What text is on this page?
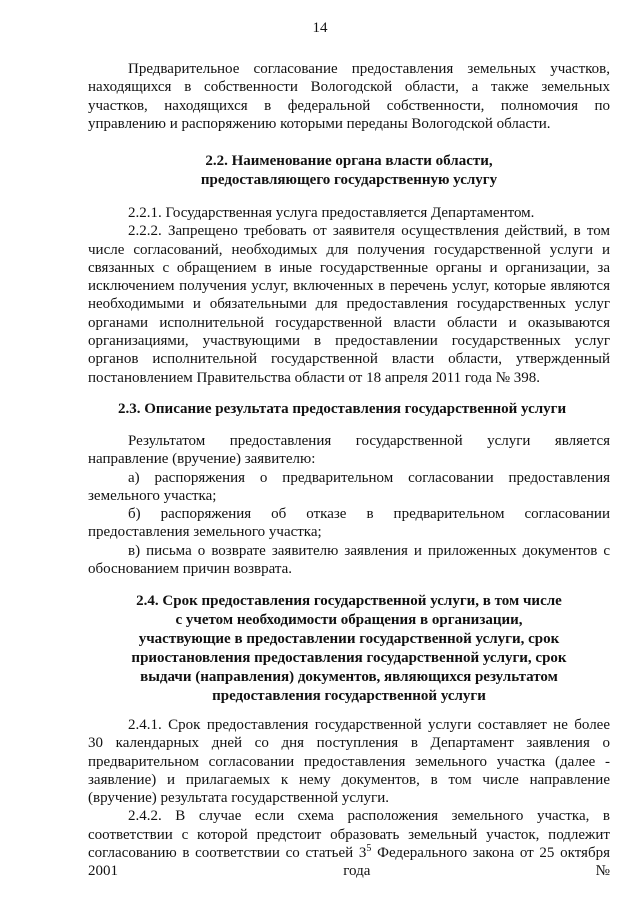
14

Предварительное согласование предоставления земельных участков, находящихся в собственности Вологодской области, а также земельных участков, находящихся в федеральной собственности, полномочия по управлению и распоряжению которыми переданы Вологодской области.

2.2. Наименование органа власти области,
предоставляющего государственную услугу

2.2.1. Государственная услуга предоставляется Департаментом.

2.2.2. Запрещено требовать от заявителя осуществления действий, в том числе согласований, необходимых для получения государственной услуги и связанных с обращением в иные государственные органы и организации, за исключением получения услуг, включенных в перечень услуг, которые являются необходимыми и обязательными для предоставления государственных услуг органами исполнительной государственной власти области и оказываются организациями, участвующими в предоставлении государственных услуг органов исполнительной государственной власти области, утвержденный постановлением Правительства области от 18 апреля 2011 года № 398.

2.3. Описание результата предоставления государственной услуги

Результатом предоставления государственной услуги является направление (вручение) заявителю:

а) распоряжения о предварительном согласовании предоставления земельного участка;

б) распоряжения об отказе в предварительном согласовании предоставления земельного участка;

в) письма о возврате заявителю заявления и приложенных документов с обоснованием причин возврата.

2.4. Срок предоставления государственной услуги, в том числе
с учетом необходимости обращения в организации,
участвующие в предоставлении государственной услуги, срок
приостановления предоставления государственной услуги, срок
выдачи (направления) документов, являющихся результатом
предоставления государственной услуги

2.4.1. Срок предоставления государственной услуги составляет не более 30 календарных дней со дня поступления в Департамент заявления о предварительном согласовании предоставления земельного участка (далее - заявление) и прилагаемых к нему документов, в том числе направление (вручение) результата государственной услуги.

2.4.2. В случае если схема расположения земельного участка, в соответствии с которой предстоит образовать земельный участок, подлежит согласованию в соответствии со статьей $3^5$ Федерального закона от 25 октября 2001 года №
